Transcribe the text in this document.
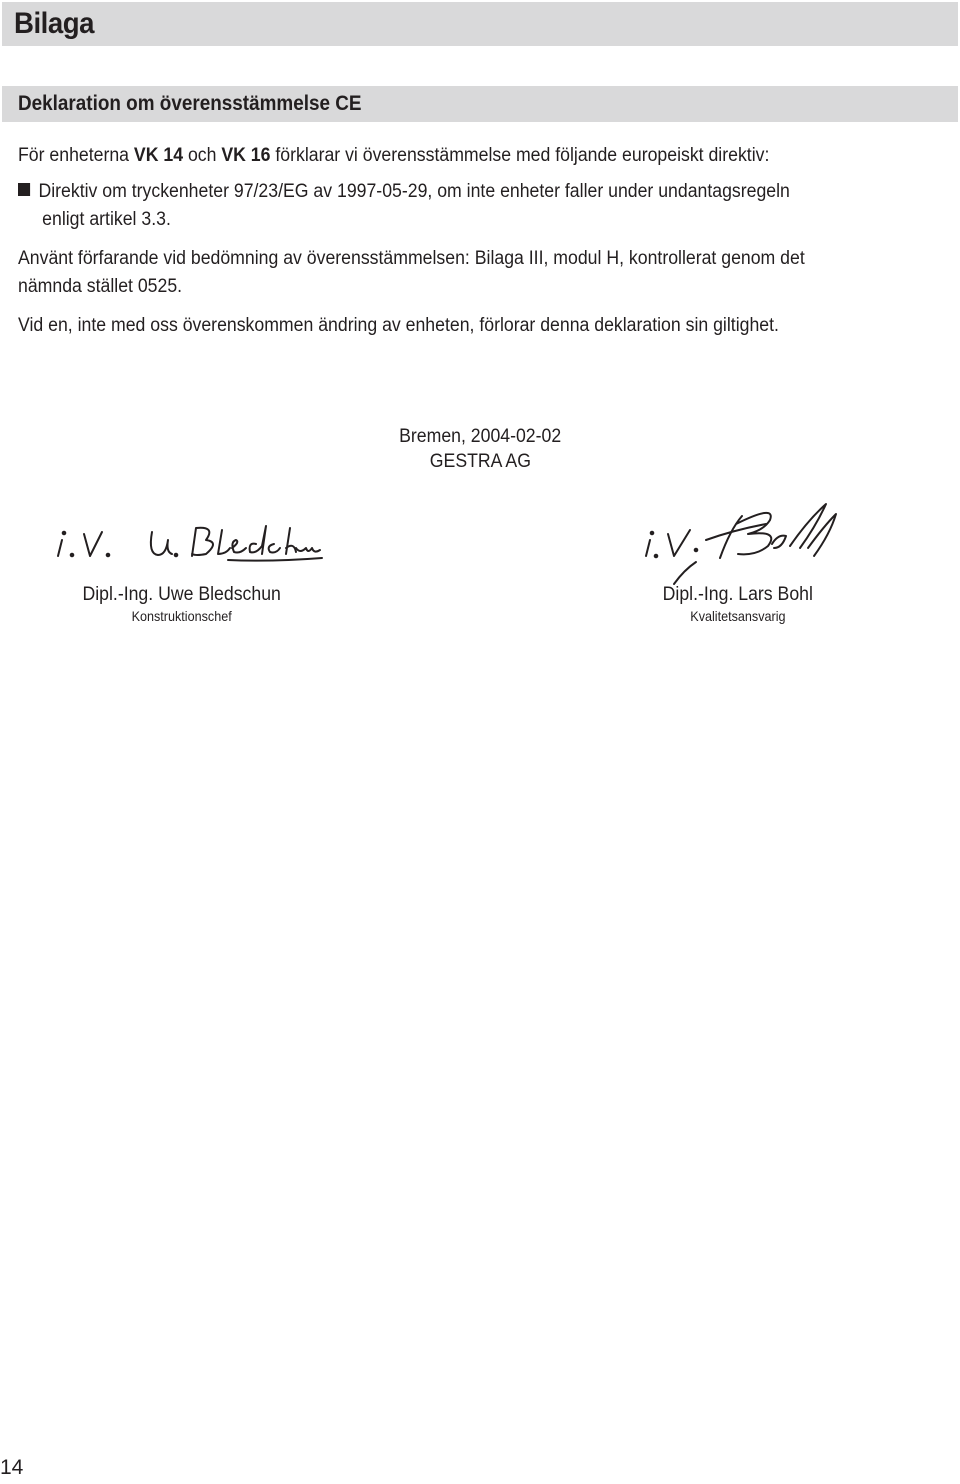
Bilaga
Deklaration om överensstämmelse CE
För enheterna VK 14 och VK 16 förklarar vi överensstämmelse med följande europeiskt direktiv:
Direktiv om tryckenheter 97/23/EG av 1997-05-29, om inte enheter faller under undantagsregeln
enligt artikel 3.3.
Använt förfarande vid bedömning av överensstämmelsen: Bilaga III, modul H, kontrollerat genom det
nämnda stället 0525.
Vid en, inte med oss överenskommen ändring av enheten, förlorar denna deklaration sin giltighet.
Bremen, 2004-02-02
GESTRA AG
Dipl.-Ing. Uwe Bledschun
Konstruktionschef
Dipl.-Ing. Lars Bohl
Kvalitetsansvarig
14
